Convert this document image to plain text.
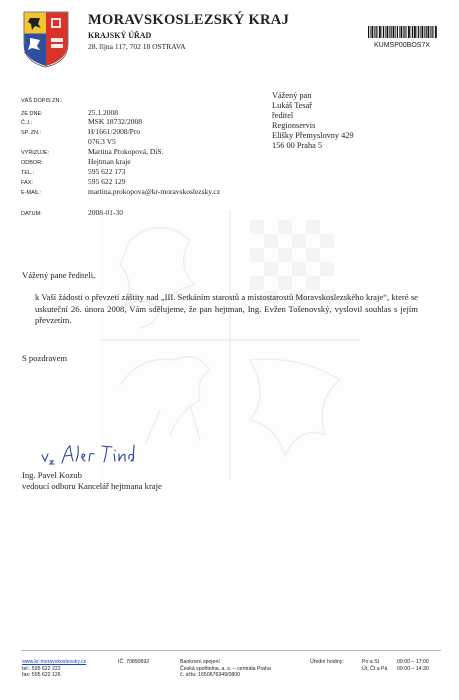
MORAVSKOSLEZSKÝ KRAJ
KRAJSKÝ ÚŘAD
28. října 117, 702 18 OSTRAVA	KUMSP00BOS7X
VÁŠ DOPIS ZN.:
ZE DNE:	25.1.2008
Č.J.:	MSK 18732/2008
SP. ZN.:	H/1661/2008/Pro
076.3 V5
VYŘIZUJE:	Martina Prokopová, DiS.
ODBOR:	Hejtman kraje
TEL.:	595 622 173
FAX:	595 622 129
E-MAIL:	martina.prokopova@kr-moravskoslezsky.cz
DATUM:	2008-01-30
Vážený pan
Lukáš Tesař
ředitel
Regionservis
Elišky Přemyslovny 429
156 00 Praha 5
Vážený pane řediteli,
k Vaší žádosti o převzetí záštity nad „III. Setkáním starostů a místostarostů Moravskoslezského kraje“, které se uskuteční 26. února 2008, Vám sdělujeme, že pan hejtman, Ing. Evžen Tošenovský, vyslovil souhlas s jejím převzetím.
S pozdravem
Ing. Pavel Kozub
vedoucí odboru Kancelář hejtmana kraje
www.kr-moravskoslezsky.cz
tel.: 595 622 222
fax: 595 622 126
IČ: 70890692	Bankovní spojení
Česká spořitelna, a. s. – centrála Praha
č. účtu: 1650676349/0800
Úřední hodiny:	Po a St	09:00 – 17:00
Út, Čt a Pá 09:00 – 14:30
